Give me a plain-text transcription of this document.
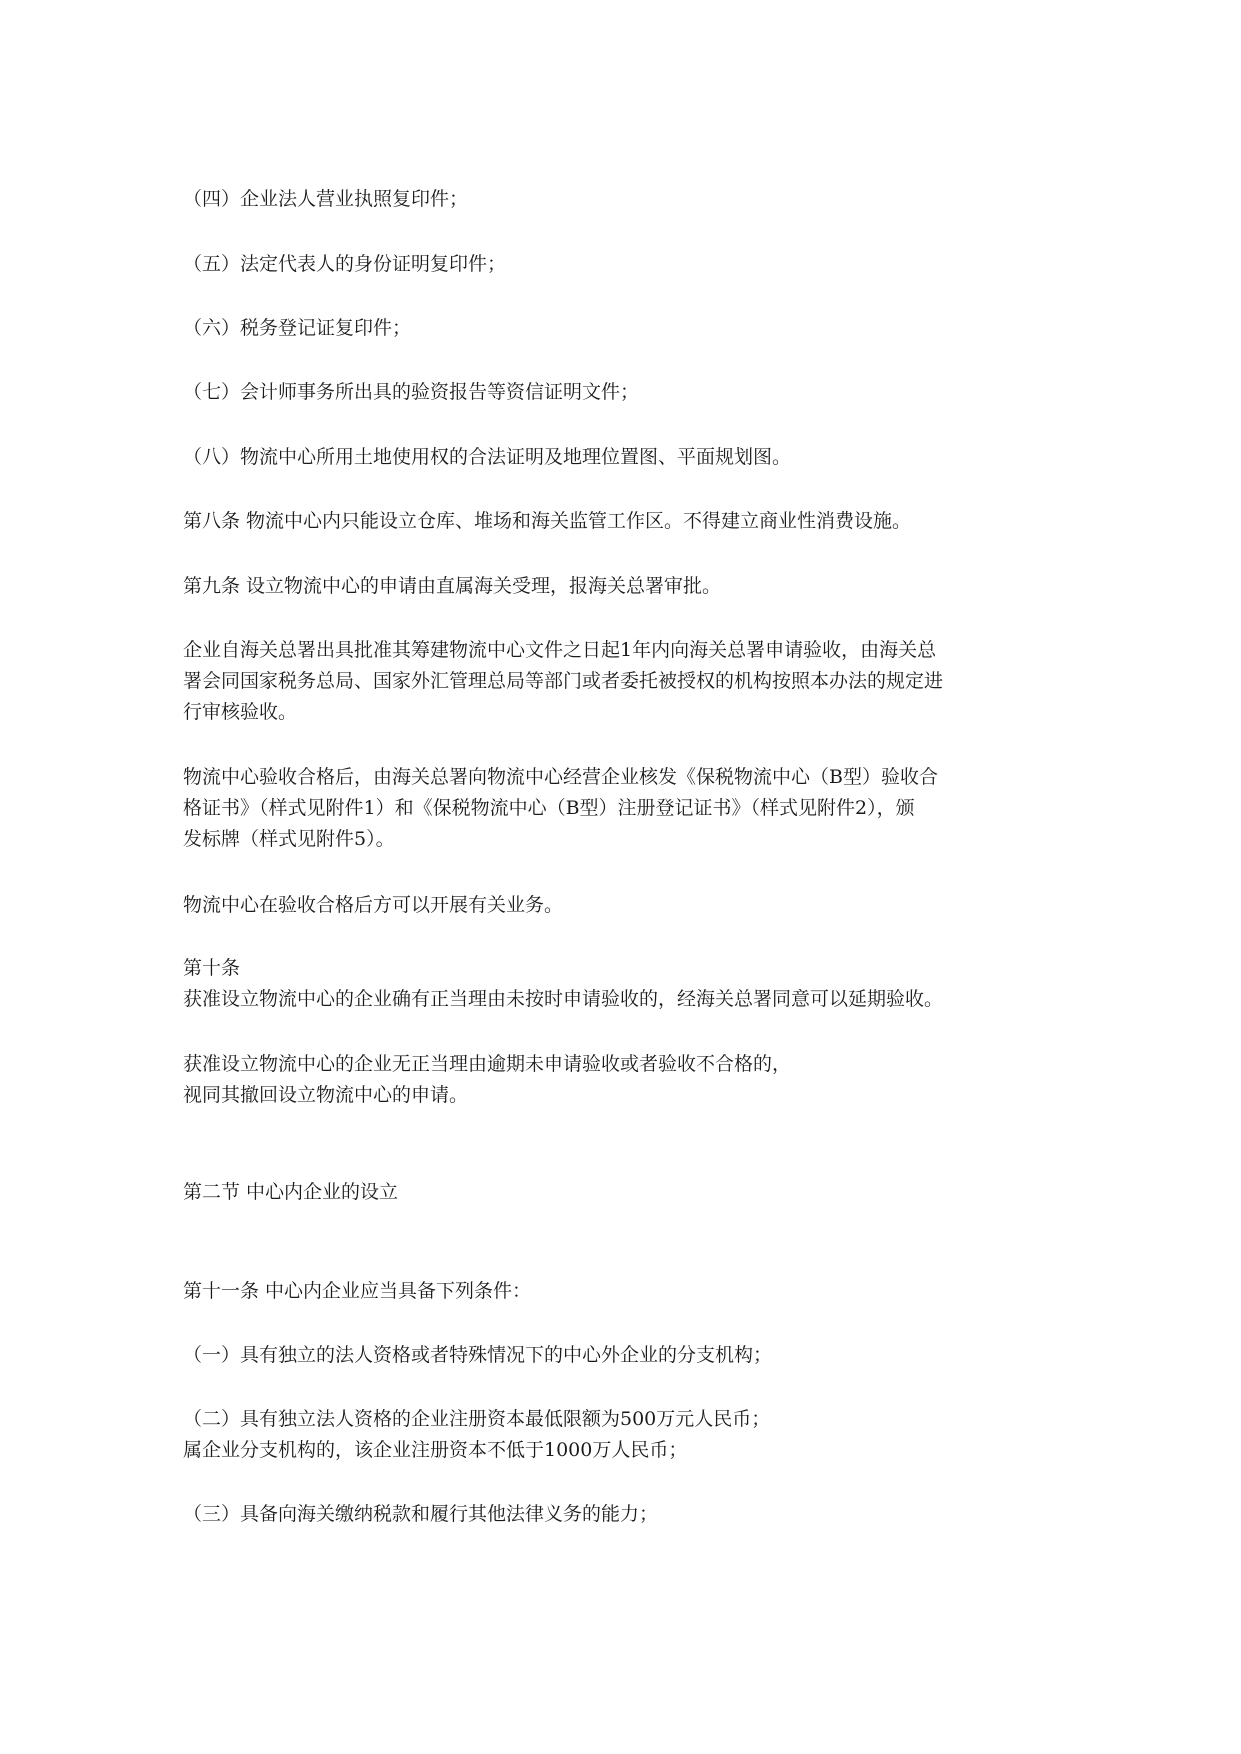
（四）企业法人营业执照复印件；
（五）法定代表人的身份证明复印件；
（六）税务登记证复印件；
（七）会计师事务所出具的验资报告等资信证明文件；
（八）物流中心所用土地使用权的合法证明及地理位置图、平面规划图。
第八条 物流中心内只能设立仓库、堆场和海关监管工作区。不得建立商业性消费设施。
第九条 设立物流中心的申请由直属海关受理，报海关总署审批。
企业自海关总署出具批准其筹建物流中心文件之日起1年内向海关总署申请验收，由海关总
署会同国家税务总局、国家外汇管理总局等部门或者委托被授权的机构按照本办法的规定进
行审核验收。
物流中心验收合格后，由海关总署向物流中心经营企业核发《保税物流中心（B型）验收合
格证书》（样式见附件1）和《保税物流中心（B型）注册登记证书》（样式见附件2），颁
发标牌（样式见附件5）。
物流中心在验收合格后方可以开展有关业务。
第十条
获准设立物流中心的企业确有正当理由未按时申请验收的，经海关总署同意可以延期验收。
获准设立物流中心的企业无正当理由逾期未申请验收或者验收不合格的，
视同其撤回设立物流中心的申请。
第二节 中心内企业的设立
第十一条 中心内企业应当具备下列条件：
（一）具有独立的法人资格或者特殊情况下的中心外企业的分支机构；
（二）具有独立法人资格的企业注册资本最低限额为500万元人民币；
属企业分支机构的，该企业注册资本不低于1000万人民币；
（三）具备向海关缴纳税款和履行其他法律义务的能力；
